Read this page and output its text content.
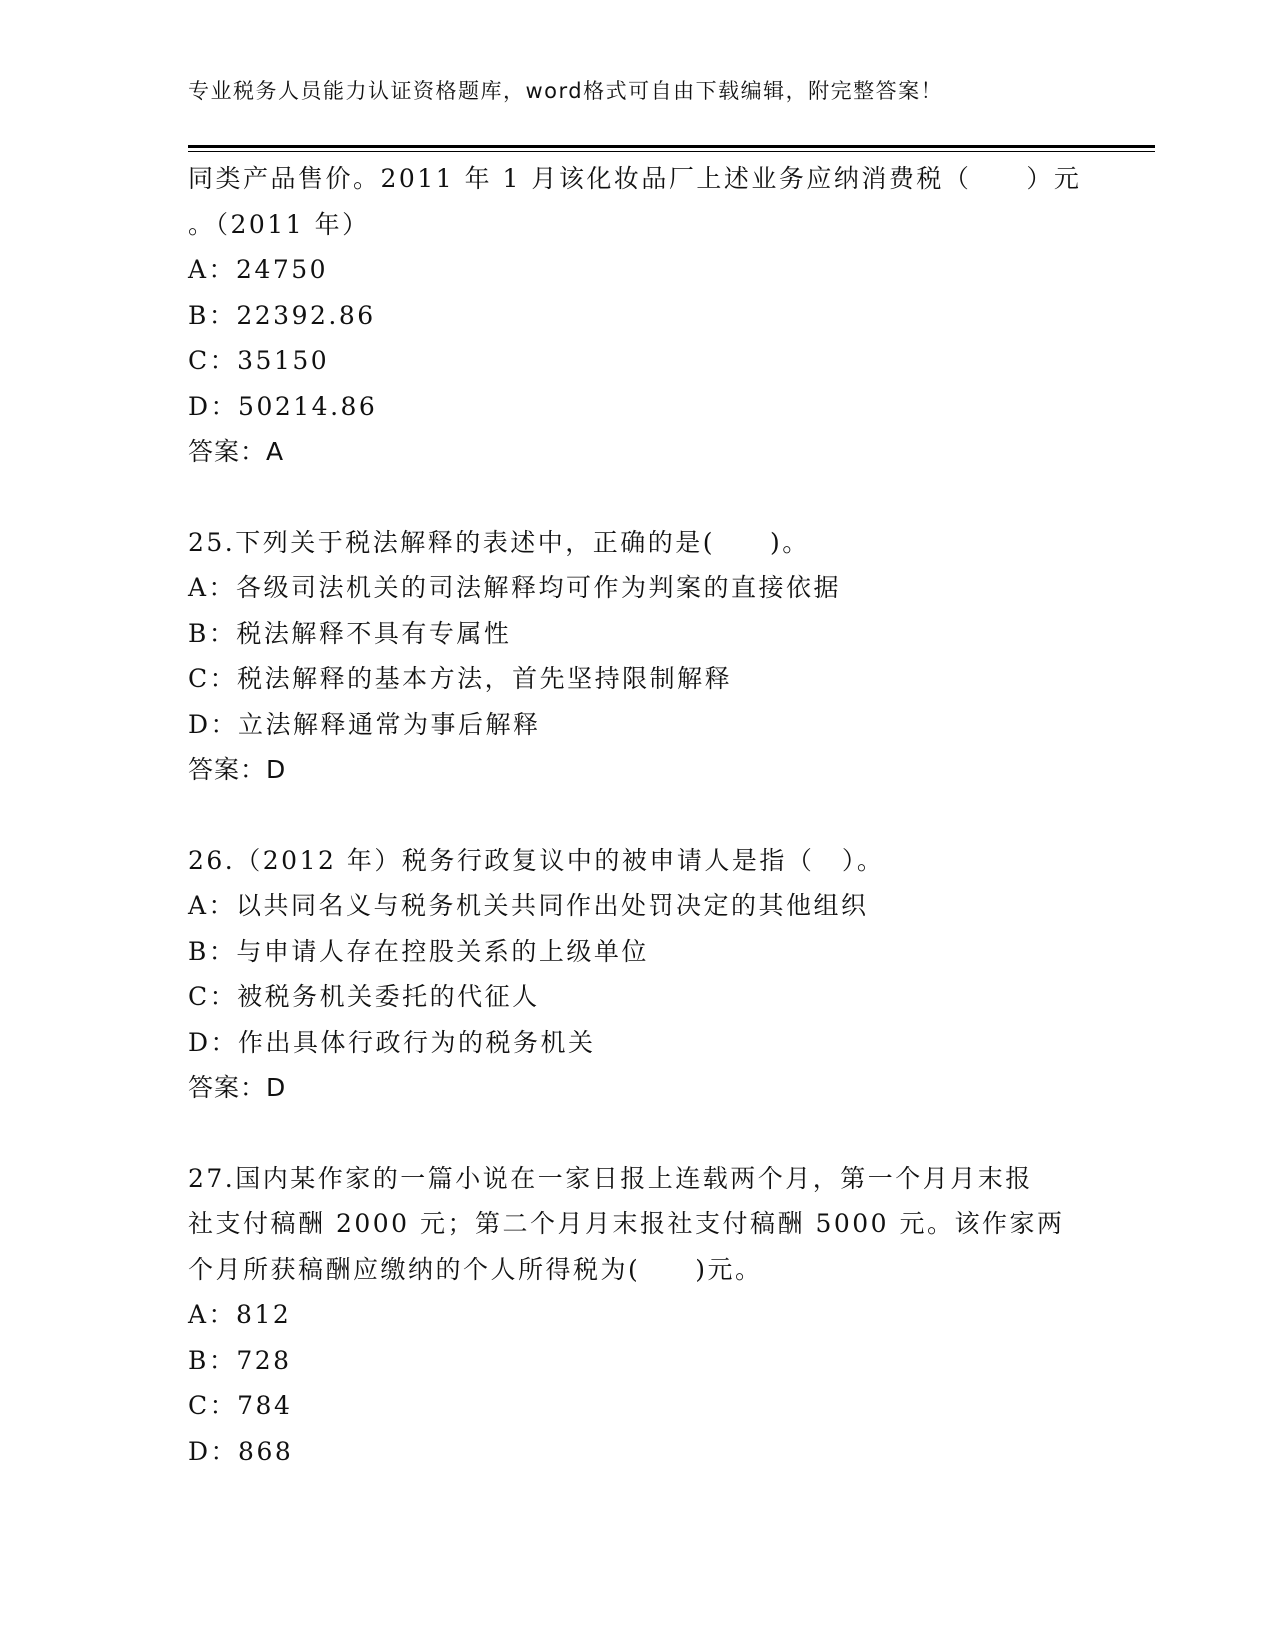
专业税务人员能力认证资格题库，word格式可自由下载编辑，附完整答案！
同类产品售价。2011 年 1 月该化妆品厂上述业务应纳消费税（　　）元
。（2011 年）
A：24750
B：22392.86
C：35150
D：50214.86
答案：A
25.下列关于税法解释的表述中，正确的是(　　)。
A：各级司法机关的司法解释均可作为判案的直接依据
B：税法解释不具有专属性
C：税法解释的基本方法，首先坚持限制解释
D：立法解释通常为事后解释
答案：D
26.（2012 年）税务行政复议中的被申请人是指（　）。
A：以共同名义与税务机关共同作出处罚决定的其他组织
B：与申请人存在控股关系的上级单位
C：被税务机关委托的代征人
D：作出具体行政行为的税务机关
答案：D
27.国内某作家的一篇小说在一家日报上连载两个月，第一个月月末报
社支付稿酬 2000 元；第二个月月末报社支付稿酬 5000 元。该作家两
个月所获稿酬应缴纳的个人所得税为(　　)元。
A：812
B：728
C：784
D：868
